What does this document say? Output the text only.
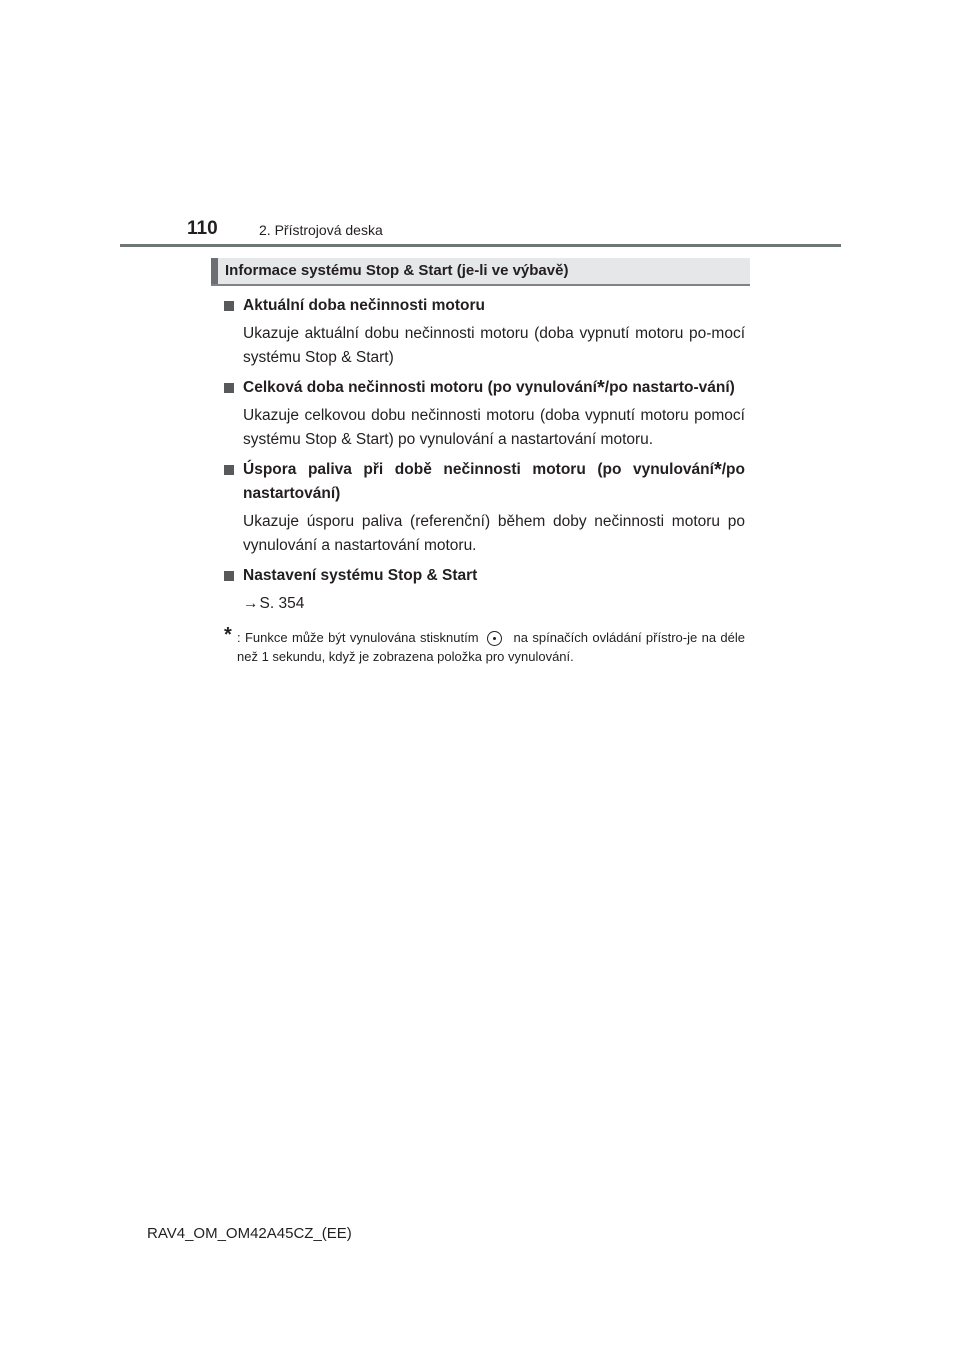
110	2. Přístrojová deska
Informace systému Stop & Start (je-li ve výbavě)
Aktuální doba nečinnosti motoru
Ukazuje aktuální dobu nečinnosti motoru (doba vypnutí motoru po-mocí systému Stop & Start)
Celková doba nečinnosti motoru (po vynulování*/po nastarto-vání)
Ukazuje celkovou dobu nečinnosti motoru (doba vypnutí motoru pomocí systému Stop & Start) po vynulování a nastartování motoru.
Úspora paliva při době nečinnosti motoru (po vynulování*/po nastartování)
Ukazuje úsporu paliva (referenční) během doby nečinnosti motoru po vynulování a nastartování motoru.
Nastavení systému Stop & Start
→S. 354
* : Funkce může být vynulována stisknutím	na spínačích ovládání přístro-je na déle než 1 sekundu, když je zobrazena položka pro vynulování.
RAV4_OM_OM42A45CZ_(EE)
